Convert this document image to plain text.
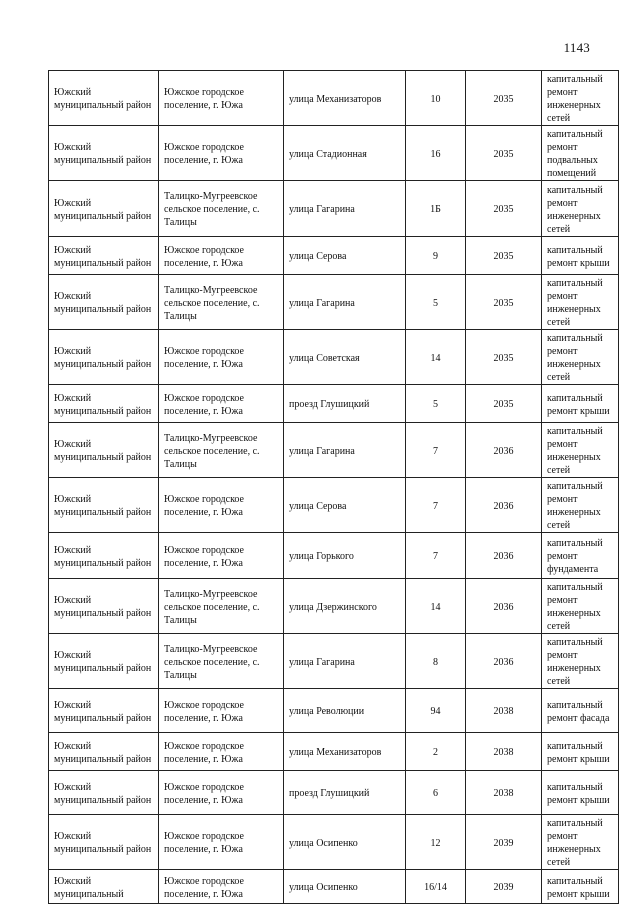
1143
Южский муниципальный район	Южское городское поселение, г. Южа	улица Механизаторов	10	2035	капитальный ремонт инженерных сетей
Южский муниципальный район	Южское городское поселение, г. Южа	улица Стадионная	16	2035	капитальный ремонт подвальных помещений
Южский муниципальный район	Талицко-Мугреевское сельское поселение, с. Талицы	улица Гагарина	1Б	2035	капитальный ремонт инженерных сетей
Южский муниципальный район	Южское городское поселение, г. Южа	улица Серова	9	2035	капитальный ремонт крыши
Южский муниципальный район	Талицко-Мугреевское сельское поселение, с. Талицы	улица Гагарина	5	2035	капитальный ремонт инженерных сетей
Южский муниципальный район	Южское городское поселение, г. Южа	улица Советская	14	2035	капитальный ремонт инженерных сетей
Южский муниципальный район	Южское городское поселение, г. Южа	проезд Глушицкий	5	2035	капитальный ремонт крыши
Южский муниципальный район	Талицко-Мугреевское сельское поселение, с. Талицы	улица Гагарина	7	2036	капитальный ремонт инженерных сетей
Южский муниципальный район	Южское городское поселение, г. Южа	улица Серова	7	2036	капитальный ремонт инженерных сетей
Южский муниципальный район	Южское городское поселение, г. Южа	улица Горького	7	2036	капитальный ремонт фундамента
Южский муниципальный район	Талицко-Мугреевское сельское поселение, с. Талицы	улица Дзержинского	14	2036	капитальный ремонт инженерных сетей
Южский муниципальный район	Талицко-Мугреевское сельское поселение, с. Талицы	улица Гагарина	8	2036	капитальный ремонт инженерных сетей
Южский муниципальный район	Южское городское поселение, г. Южа	улица Революции	94	2038	капитальный ремонт фасада
Южский муниципальный район	Южское городское поселение, г. Южа	улица Механизаторов	2	2038	капитальный ремонт крыши
Южский муниципальный район	Южское городское поселение, г. Южа	проезд Глушицкий	6	2038	капитальный ремонт крыши
Южский муниципальный район	Южское городское поселение, г. Южа	улица Осипенко	12	2039	капитальный ремонт инженерных сетей
Южский муниципальный	Южское городское поселение, г. Южа	улица Осипенко	16/14	2039	капитальный ремонт крыши
